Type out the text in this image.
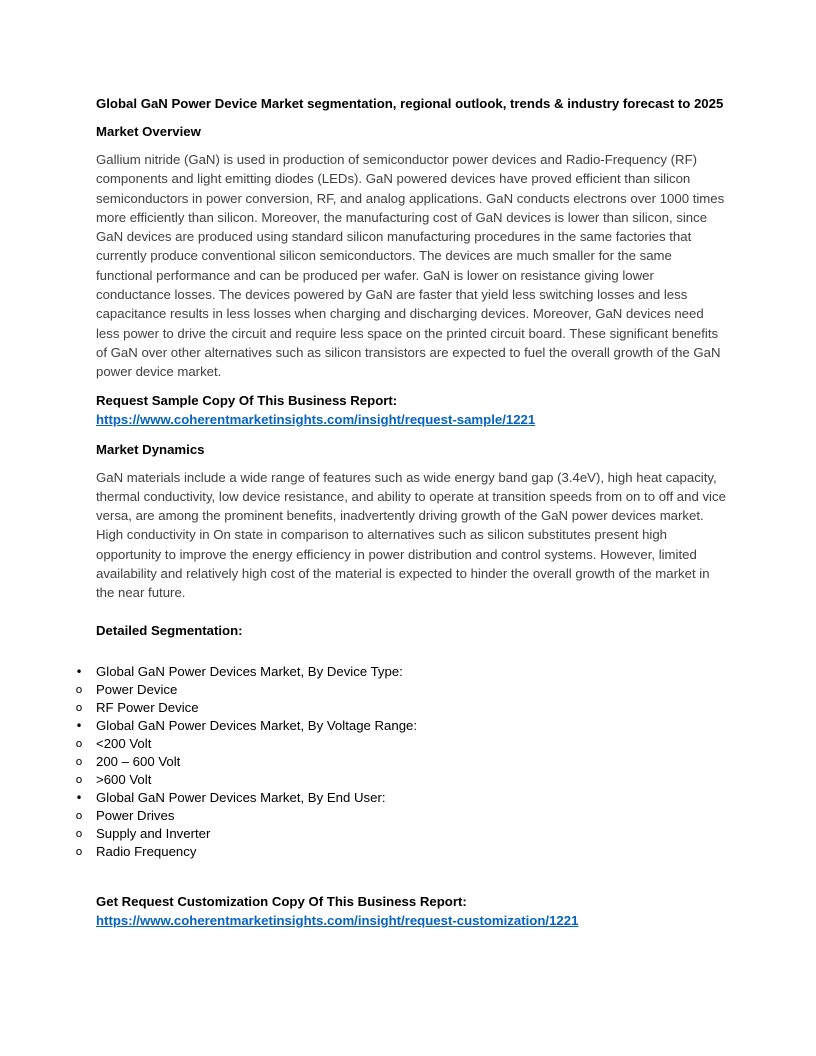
Global GaN Power Device Market segmentation, regional outlook, trends & industry forecast to 2025

Market Overview

Gallium nitride (GaN) is used in production of semiconductor power devices and Radio-Frequency (RF) components and light emitting diodes (LEDs). GaN powered devices have proved efficient than silicon semiconductors in power conversion, RF, and analog applications. GaN conducts electrons over 1000 times more efficiently than silicon. Moreover, the manufacturing cost of GaN devices is lower than silicon, since GaN devices are produced using standard silicon manufacturing procedures in the same factories that currently produce conventional silicon semiconductors. The devices are much smaller for the same functional performance and can be produced per wafer. GaN is lower on resistance giving lower conductance losses. The devices powered by GaN are faster that yield less switching losses and less capacitance results in less losses when charging and discharging devices. Moreover, GaN devices need less power to drive the circuit and require less space on the printed circuit board. These significant benefits of GaN over other alternatives such as silicon transistors are expected to fuel the overall growth of the GaN power device market.

Request Sample Copy Of This Business Report:

https://www.coherentmarketinsights.com/insight/request-sample/1221

Market Dynamics

GaN materials include a wide range of features such as wide energy band gap (3.4eV), high heat capacity, thermal conductivity, low device resistance, and ability to operate at transition speeds from on to off and vice versa, are among the prominent benefits, inadvertently driving growth of the GaN power devices market. High conductivity in On state in comparison to alternatives such as silicon substitutes present high opportunity to improve the energy efficiency in power distribution and control systems. However, limited availability and relatively high cost of the material is expected to hinder the overall growth of the market in the near future.

Detailed Segmentation:

• Global GaN Power Devices Market, By Device Type:
o Power Device
o RF Power Device
• Global GaN Power Devices Market, By Voltage Range:
o <200 Volt
o 200 – 600 Volt
o >600 Volt
• Global GaN Power Devices Market, By End User:
o Power Drives
o Supply and Inverter
o Radio Frequency

Get Request Customization Copy Of This Business Report:

https://www.coherentmarketinsights.com/insight/request-customization/1221
